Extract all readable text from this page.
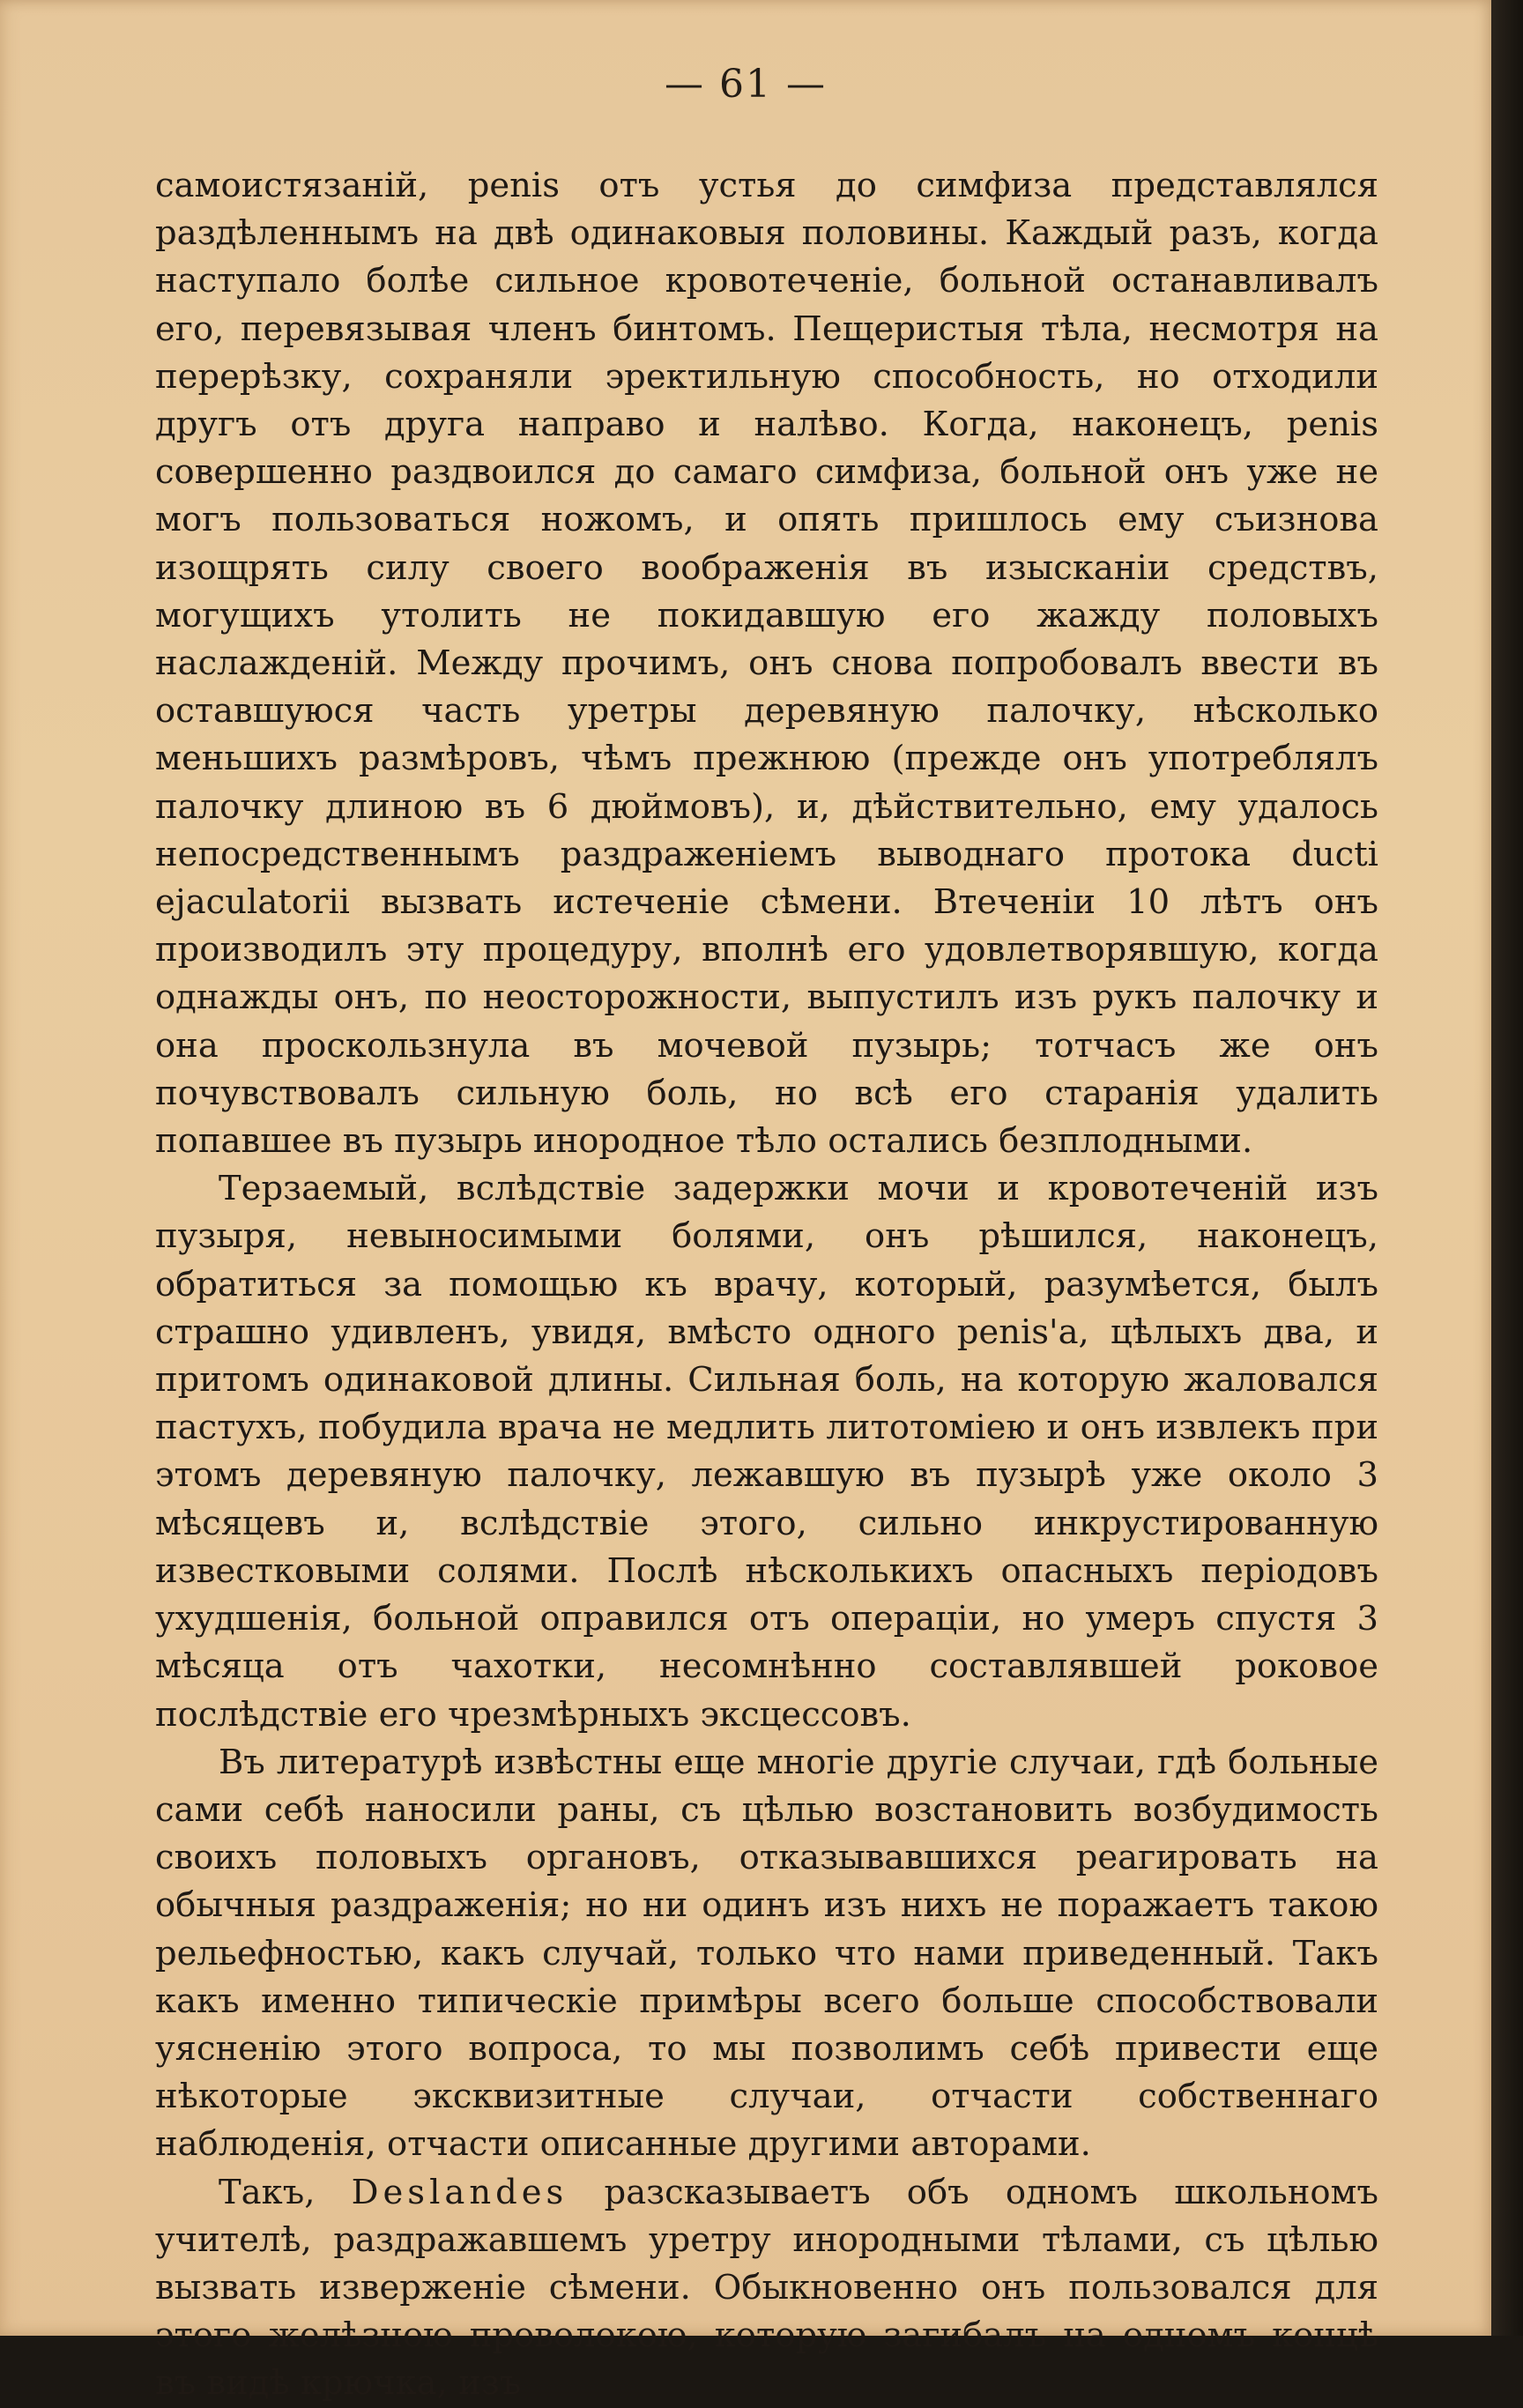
— 61 —

самоистязаній, penis отъ устья до симфиза представлялся раздѣленнымъ на двѣ одинаковыя половины. Каждый разъ, когда наступало болѣе сильное кровотеченіе, больной останавливалъ его, перевязывая членъ бинтомъ. Пещеристыя тѣла, несмотря на перерѣзку, сохраняли эректильную способность, но отходили другъ отъ друга направо и налѣво. Когда, наконецъ, penis совершенно раздвоился до самаго симфиза, больной онъ уже не могъ пользоваться ножомъ, и опять пришлось ему съизнова изощрять силу своего воображенія въ изысканіи средствъ, могущихъ утолить не покидавшую его жажду половыхъ наслажденій. Между прочимъ, онъ снова попробовалъ ввести въ оставшуюся часть уретры деревяную палочку, нѣсколько меньшихъ размѣровъ, чѣмъ прежнюю (прежде онъ употреблялъ палочку длиною въ 6 дюймовъ), и, дѣйствительно, ему удалось непосредственнымъ раздраженіемъ выводнаго протока ducti ejaculatorii вызвать истеченіе сѣмени. Втеченіи 10 лѣтъ онъ производилъ эту процедуру, вполнѣ его удовлетворявшую, когда однажды онъ, по неосторожности, выпустилъ изъ рукъ палочку и она проскользнула въ мочевой пузырь; тотчасъ же онъ почувствовалъ сильную боль, но всѣ его старанія удалить попавшее въ пузырь инородное тѣло остались безплодными.

Терзаемый, вслѣдствіе задержки мочи и кровотеченій изъ пузыря, невыносимыми болями, онъ рѣшился, наконецъ, обратиться за помощью къ врачу, который, разумѣется, былъ страшно удивленъ, увидя, вмѣсто одного penis'а, цѣлыхъ два, и притомъ одинаковой длины. Сильная боль, на которую жаловался пастухъ, побудила врача не медлить литотоміею и онъ извлекъ при этомъ деревяную палочку, лежавшую въ пузырѣ уже около 3 мѣсяцевъ и, вслѣдствіе этого, сильно инкрустированную известковыми солями. Послѣ нѣсколькихъ опасныхъ періодовъ ухудшенія, больной оправился отъ операціи, но умеръ спустя 3 мѣсяца отъ чахотки, несомнѣнно составлявшей роковое послѣдствіе его чрезмѣрныхъ эксцессовъ.

Въ литературѣ извѣстны еще многіе другіе случаи, гдѣ больные сами себѣ наносили раны, съ цѣлью возстановить возбудимость своихъ половыхъ органовъ, отказывавшихся реагировать на обычныя раздраженія; но ни одинъ изъ нихъ не поражаетъ такою рельефностью, какъ случай, только что нами приведенный. Такъ какъ именно типическіе примѣры всего больше способствовали уясненію этого вопроса, то мы позволимъ себѣ привести еще нѣкоторые эксквизитные случаи, отчасти собственнаго наблюденія, отчасти описанные другими авторами.

Такъ, Deslandes разсказываетъ объ одномъ школьномъ учителѣ, раздражавшемъ уретру инородными тѣлами, съ цѣлью вызвать изверженіе сѣмени. Обыкновенно онъ пользовался для этого желѣзною проволокою, которую загибалъ на одномъ концѣ въ видѣ крючка, изъ
